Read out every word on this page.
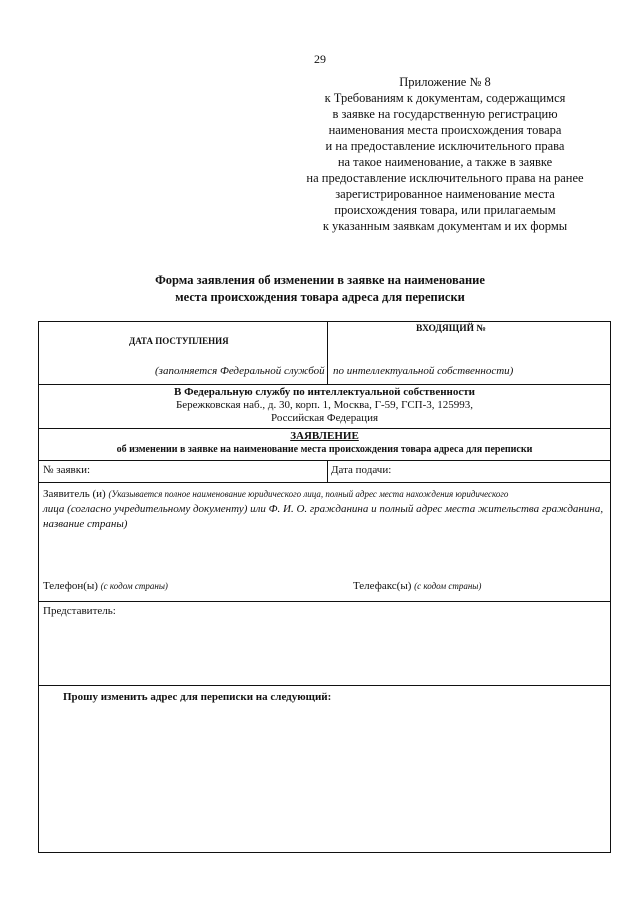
29
Приложение № 8
к Требованиям к документам, содержащимся
в заявке на государственную регистрацию
наименования места происхождения товара
и на предоставление исключительного права
на такое наименование, а также в заявке
на предоставление исключительного права на ранее
зарегистрированное наименование места
происхождения товара, или прилагаемым
к указанным заявкам документам и их формы
Форма заявления об изменении в заявке на наименование
места происхождения товара адреса для переписки
ДАТА ПОСТУПЛЕНИЯ
ВХОДЯЩИЙ №
(заполняется Федеральной службой по интеллектуальной собственности)
В Федеральную службу по интеллектуальной собственности
Бережковская наб., д. 30, корп. 1, Москва, Г-59, ГСП-3, 125993,
Российская Федерация
ЗАЯВЛЕНИЕ
об изменении в заявке на наименование места происхождения товара адреса для переписки
№ заявки:	Дата подачи:
Заявитель (и) (Указывается полное наименование юридического лица, полный адрес места нахождения юридического
лица (согласно учредительному документу) или Ф. И. О. гражданина и полный адрес места жительства гражданина,
название страны)
Телефон(ы) (с кодом страны)	Телефакс(ы) (с кодом страны)
Представитель:
Прошу изменить адрес для переписки на следующий:
